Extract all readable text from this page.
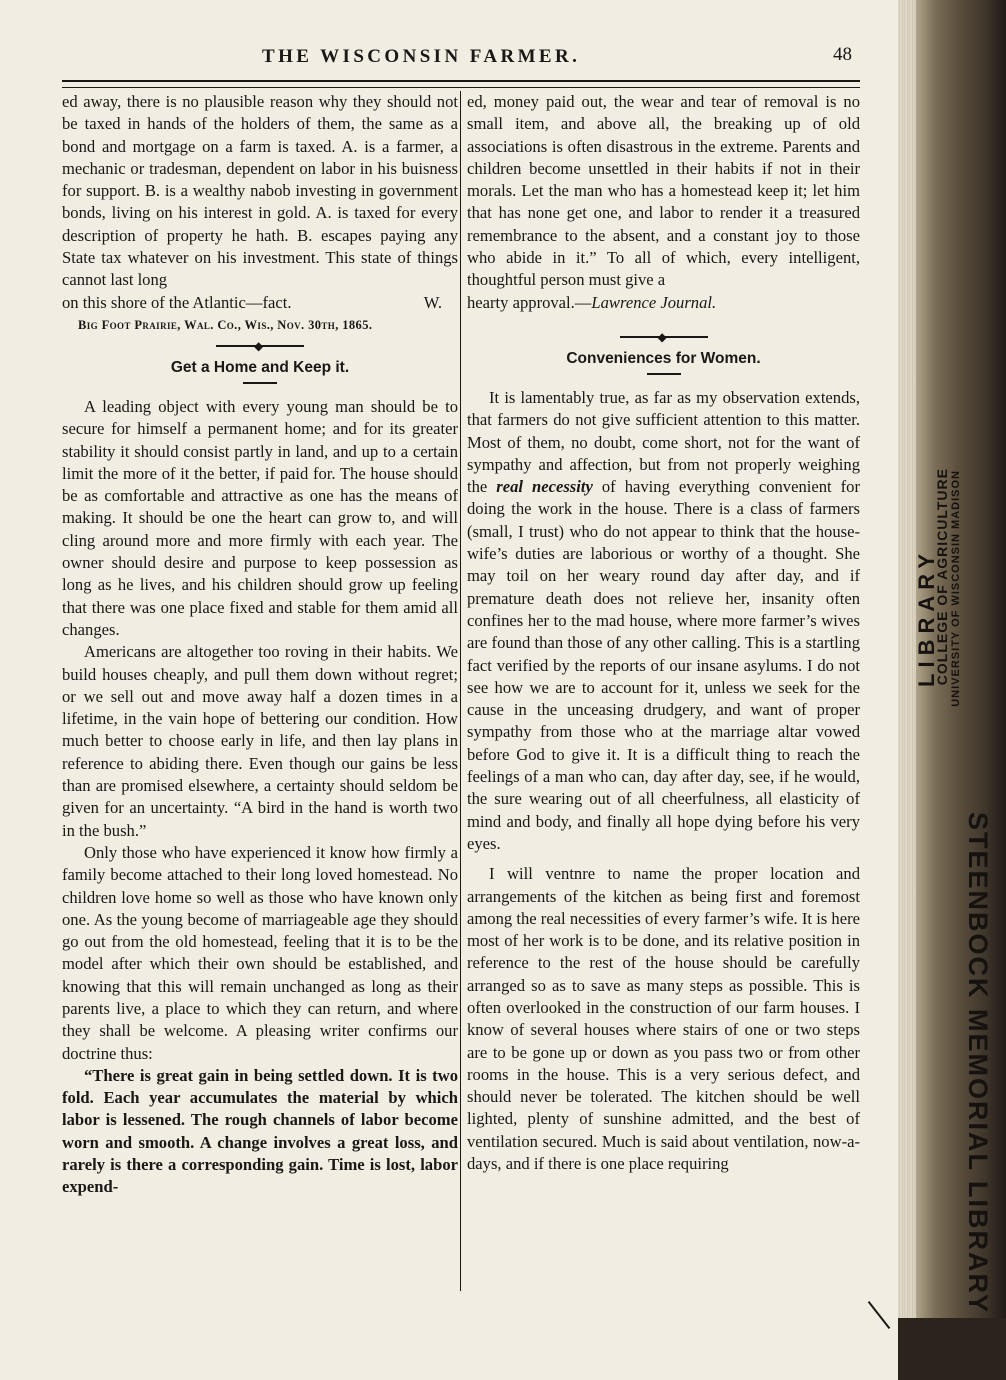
THE WISCONSIN FARMER.	48

ed away, there is no plausible reason why they should not be taxed in hands of the holders of them, the same as a bond and mortgage on a farm is taxed. A. is a farmer, a mechanic or tradesman, dependent on labor in his buisness for support. B. is a wealthy nabob investing in government bonds, living on his interest in gold. A. is taxed for every description of property he hath. B. escapes paying any State tax whatever on his investment. This state of things cannot last long

on this shore of the Atlantic—fact.	W.
Big Foot Prairie, Wal. Co., Wis., Nov. 30th, 1865.
◆
Get a Home and Keep it.

A leading object with every young man should be to secure for himself a permanent home; and for its greater stability it should consist partly in land, and up to a certain limit the more of it the better, if paid for. The house should be as comfortable and attractive as one has the means of making. It should be one the heart can grow to, and will cling around more and more firmly with each year. The owner should desire and purpose to keep possession as long as he lives, and his children should grow up feeling that there was one place fixed and stable for them amid all changes.

Americans are altogether too roving in their habits. We build houses cheaply, and pull them down without regret; or we sell out and move away half a dozen times in a lifetime, in the vain hope of bettering our condition. How much better to choose early in life, and then lay plans in reference to abiding there. Even though our gains be less than are promised elsewhere, a certainty should seldom be given for an uncertainty. “A bird in the hand is worth two in the bush.”

Only those who have experienced it know how firmly a family become attached to their long loved homestead. No children love home so well as those who have known only one. As the young become of marriageable age they should go out from the old homestead, feeling that it is to be the model after which their own should be established, and knowing that this will remain unchanged as long as their parents live, a place to which they can return, and where they shall be welcome. A pleasing writer confirms our doctrine thus:

“There is great gain in being settled down. It is two fold. Each year accumulates the material by which labor is lessened. The rough channels of labor become worn and smooth. A change involves a great loss, and rarely is there a corresponding gain. Time is lost, labor expend-

ed, money paid out, the wear and tear of removal is no small item, and above all, the breaking up of old associations is often disastrous in the extreme. Parents and children become unsettled in their habits if not in their morals. Let the man who has a homestead keep it; let him that has none get one, and labor to render it a treasured remembrance to the absent, and a constant joy to those who abide in it.” To all of which, every intelligent, thoughtful person must give a

hearty approval.—Lawrence Journal.

◆
Conveniences for Women.

It is lamentably true, as far as my observation extends, that farmers do not give sufficient attention to this matter. Most of them, no doubt, come short, not for the want of sympathy and affection, but from not properly weighing the real necessity of having everything convenient for doing the work in the house. There is a class of farmers (small, I trust) who do not appear to think that the house-wife’s duties are laborious or worthy of a thought. She may toil on her weary round day after day, and if premature death does not relieve her, insanity often confines her to the mad house, where more farmer’s wives are found than those of any other calling. This is a startling fact verified by the reports of our insane asylums. I do not see how we are to account for it, unless we seek for the cause in the unceasing drudgery, and want of proper sympathy from those who at the marriage altar vowed before God to give it. It is a difficult thing to reach the feelings of a man who can, day after day, see, if he would, the sure wearing out of all cheerfulness, all elasticity of mind and body, and finally all hope dying before his very eyes.

I will ventnre to name the proper location and arrangements of the kitchen as being first and foremost among the real necessities of every farmer’s wife. It is here most of her work is to be done, and its relative position in reference to the rest of the house should be carefully arranged so as to save as many steps as possible. This is often overlooked in the construction of our farm houses. I know of several houses where stairs of one or two steps are to be gone up or down as you pass two or from other rooms in the house. This is a very serious defect, and should never be tolerated. The kitchen should be well lighted, plenty of sunshine admitted, and the best of ventilation secured. Much is said about ventilation, now-a-days, and if there is one place requiring

LIBRARY
COLLEGE OF AGRICULTURE UNIVERSITY OF WISCONSIN MADISON
STEENBOCK MEMORIAL LIBRARY
